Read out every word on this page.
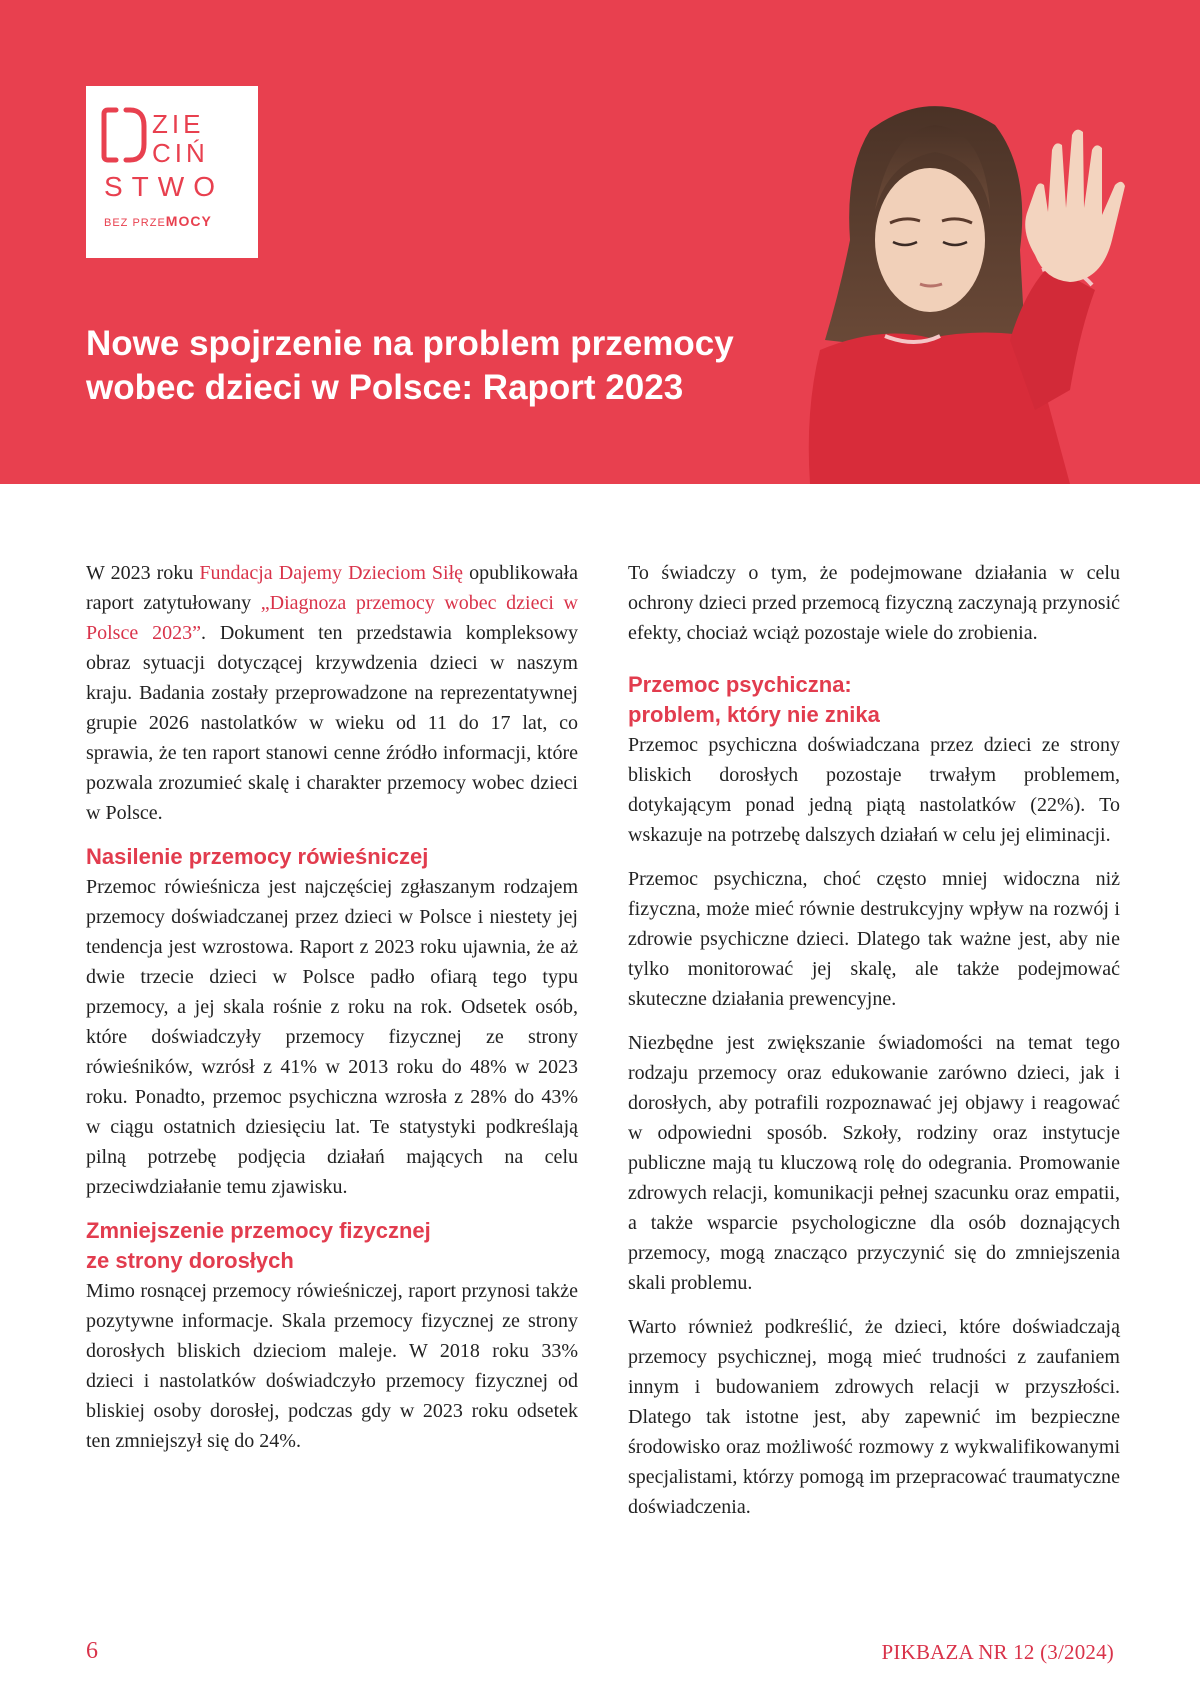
ZIE
CIŃ
STWO
BEZ PRZEMOCY
Nowe spojrzenie na problem przemocy wobec dzieci w Polsce: Raport 2023

W 2023 roku Fundacja Dajemy Dzieciom Siłę opublikowała raport zatytułowany „Diagnoza przemocy wobec dzieci w Polsce 2023”. Dokument ten przedstawia kompleksowy obraz sytuacji dotyczącej krzywdzenia dzieci w naszym kraju. Badania zostały przeprowadzone na reprezentatywnej grupie 2026 nastolatków w wieku od 11 do 17 lat, co sprawia, że ten raport stanowi cenne źródło informacji, które pozwala zrozumieć skalę i charakter przemocy wobec dzieci w Polsce.

Nasilenie przemocy rówieśniczej

Przemoc rówieśnicza jest najczęściej zgłaszanym rodzajem przemocy doświadczanej przez dzieci w Polsce i niestety jej tendencja jest wzrostowa. Raport z 2023 roku ujawnia, że aż dwie trzecie dzieci w Polsce padło ofiarą tego typu przemocy, a jej skala rośnie z roku na rok. Odsetek osób, które doświadczyły przemocy fizycznej ze strony rówieśników, wzrósł z 41% w 2013 roku do 48% w 2023 roku. Ponadto, przemoc psychiczna wzrosła z 28% do 43% w ciągu ostatnich dziesięciu lat. Te statystyki podkreślają pilną potrzebę podjęcia działań mających na celu przeciwdziałanie temu zjawisku.

Zmniejszenie przemocy fizycznej
ze strony dorosłych

Mimo rosnącej przemocy rówieśniczej, raport przynosi także pozytywne informacje. Skala przemocy fizycznej ze strony dorosłych bliskich dzieciom maleje. W 2018 roku 33% dzieci i nastolatków doświadczyło przemocy fizycznej od bliskiej osoby dorosłej, podczas gdy w 2023 roku odsetek ten zmniejszył się do 24%.

To świadczy o tym, że podejmowane działania w celu ochrony dzieci przed przemocą fizyczną zaczynają przynosić efekty, chociaż wciąż pozostaje wiele do zrobienia.

Przemoc psychiczna:
problem, który nie znika

Przemoc psychiczna doświadczana przez dzieci ze strony bliskich dorosłych pozostaje trwałym problemem, dotykającym ponad jedną piątą nastolatków (22%). To wskazuje na potrzebę dalszych działań w celu jej eliminacji.

Przemoc psychiczna, choć często mniej widoczna niż fizyczna, może mieć równie destrukcyjny wpływ na rozwój i zdrowie psychiczne dzieci. Dlatego tak ważne jest, aby nie tylko monitorować jej skalę, ale także podejmować skuteczne działania prewencyjne.

Niezbędne jest zwiększanie świadomości na temat tego rodzaju przemocy oraz edukowanie zarówno dzieci, jak i dorosłych, aby potrafili rozpoznawać jej objawy i reagować w odpowiedni sposób. Szkoły, rodziny oraz instytucje publiczne mają tu kluczową rolę do odegrania. Promowanie zdrowych relacji, komunikacji pełnej szacunku oraz empatii, a także wsparcie psychologiczne dla osób doznających przemocy, mogą znacząco przyczynić się do zmniejszenia skali problemu.

Warto również podkreślić, że dzieci, które doświadczają przemocy psychicznej, mogą mieć trudności z zaufaniem innym i budowaniem zdrowych relacji w przyszłości. Dlatego tak istotne jest, aby zapewnić im bezpieczne środowisko oraz możliwość rozmowy z wykwalifikowanymi specjalistami, którzy pomogą im przepracować traumatyczne doświadczenia.

6	PIKBAZA NR 12 (3/2024)
